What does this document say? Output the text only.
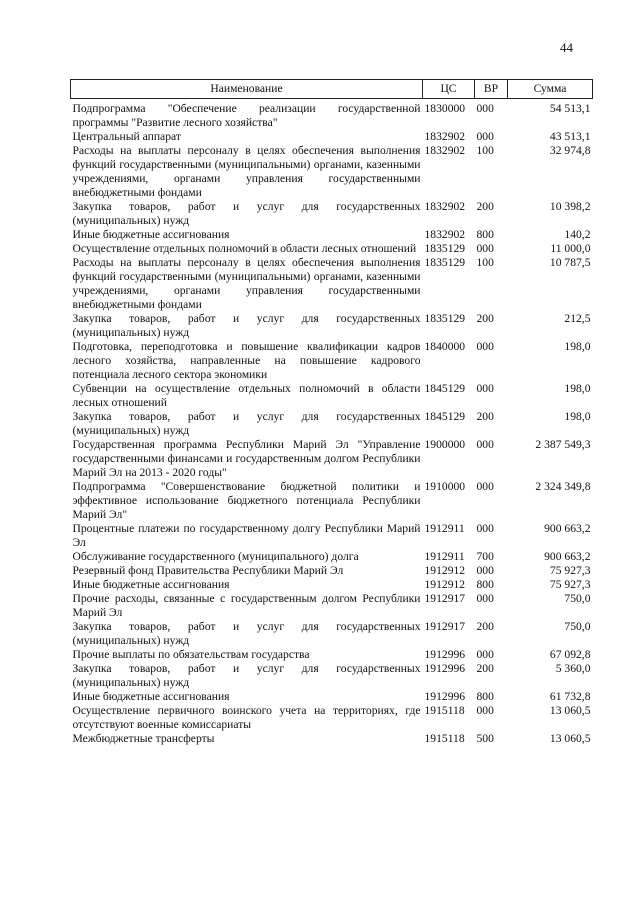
44
Наименование	ЦС	ВР	Сумма

Подпрограмма "Обеспечение реализации государственной программы "Развитие лесного хозяйства"	1830000	000	54 513,1
Центральный аппарат	1832902	000	43 513,1
Расходы на выплаты персоналу в целях обеспечения выполнения функций государственными (муниципальными) органами, казенными учреждениями, органами управления государственными внебюджетными фондами	1832902	100	32 974,8
Закупка товаров, работ и услуг для государственных (муниципальных) нужд	1832902	200	10 398,2
Иные бюджетные ассигнования	1832902	800	140,2
Осуществление отдельных полномочий в области лесных отношений	1835129	000	11 000,0
Расходы на выплаты персоналу в целях обеспечения выполнения функций государственными (муниципальными) органами, казенными учреждениями, органами управления государственными внебюджетными фондами	1835129	100	10 787,5
Закупка товаров, работ и услуг для государственных (муниципальных) нужд	1835129	200	212,5
Подготовка, переподготовка и повышение квалификации кадров лесного хозяйства, направленные на повышение кадрового потенциала лесного сектора экономики	1840000	000	198,0
Субвенции на осуществление отдельных полномочий в области лесных отношений	1845129	000	198,0
Закупка товаров, работ и услуг для государственных (муниципальных) нужд	1845129	200	198,0
Государственная программа Республики Марий Эл "Управление государственными финансами и государственным долгом Республики Марий Эл на 2013 - 2020 годы"	1900000	000	2 387 549,3
Подпрограмма "Совершенствование бюджетной политики и эффективное использование бюджетного потенциала Республики Марий Эл"	1910000	000	2 324 349,8
Процентные платежи по государственному долгу Республики Марий Эл	1912911	000	900 663,2
Обслуживание государственного (муниципального) долга	1912911	700	900 663,2
Резервный фонд Правительства Республики Марий Эл	1912912	000	75 927,3
Иные бюджетные ассигнования	1912912	800	75 927,3
Прочие расходы, связанные с государственным долгом Республики Марий Эл	1912917	000	750,0
Закупка товаров, работ и услуг для государственных (муниципальных) нужд	1912917	200	750,0
Прочие выплаты по обязательствам государства	1912996	000	67 092,8
Закупка товаров, работ и услуг для государственных (муниципальных) нужд	1912996	200	5 360,0
Иные бюджетные ассигнования	1912996	800	61 732,8
Осуществление первичного воинского учета на территориях, где отсутствуют военные комиссариаты	1915118	000	13 060,5
Межбюджетные трансферты	1915118	500	13 060,5
